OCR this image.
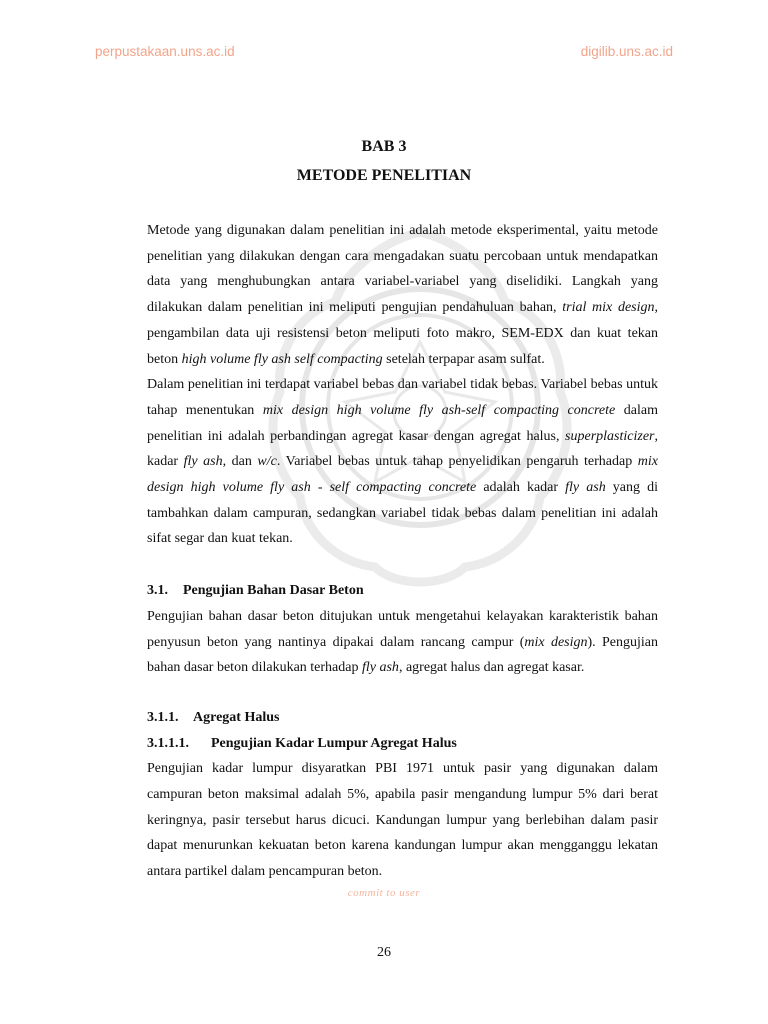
perpustakaan.uns.ac.id	digilib.uns.ac.id
BAB 3
METODE PENELITIAN

Metode yang digunakan dalam penelitian ini adalah metode eksperimental, yaitu metode penelitian yang dilakukan dengan cara mengadakan suatu percobaan untuk mendapatkan data yang menghubungkan antara variabel-variabel yang diselidiki. Langkah yang dilakukan dalam penelitian ini meliputi pengujian pendahuluan bahan, trial mix design, pengambilan data uji resistensi beton meliputi foto makro, SEM-EDX dan kuat tekan beton high volume fly ash self compacting setelah terpapar asam sulfat.

Dalam penelitian ini terdapat variabel bebas dan variabel tidak bebas. Variabel bebas untuk tahap menentukan mix design high volume fly ash-self compacting concrete dalam penelitian ini adalah perbandingan agregat kasar dengan agregat halus, superplasticizer, kadar fly ash, dan w/c. Variabel bebas untuk tahap penyelidikan pengaruh terhadap mix design high volume fly ash - self compacting concrete adalah kadar fly ash yang di tambahkan dalam campuran, sedangkan variabel tidak bebas dalam penelitian ini adalah sifat segar dan kuat tekan.

3.1. Pengujian Bahan Dasar Beton

Pengujian bahan dasar beton ditujukan untuk mengetahui kelayakan karakteristik bahan penyusun beton yang nantinya dipakai dalam rancang campur (mix design). Pengujian bahan dasar beton dilakukan terhadap fly ash, agregat halus dan agregat kasar.

3.1.1. Agregat Halus
3.1.1.1. Pengujian Kadar Lumpur Agregat Halus

Pengujian kadar lumpur disyaratkan PBI 1971 untuk pasir yang digunakan dalam campuran beton maksimal adalah 5%, apabila pasir mengandung lumpur 5% dari berat keringnya, pasir tersebut harus dicuci. Kandungan lumpur yang berlebihan dalam pasir dapat menurunkan kekuatan beton karena kandungan lumpur akan mengganggu lekatan antara partikel dalam pencampuran beton.

commit to user
26
